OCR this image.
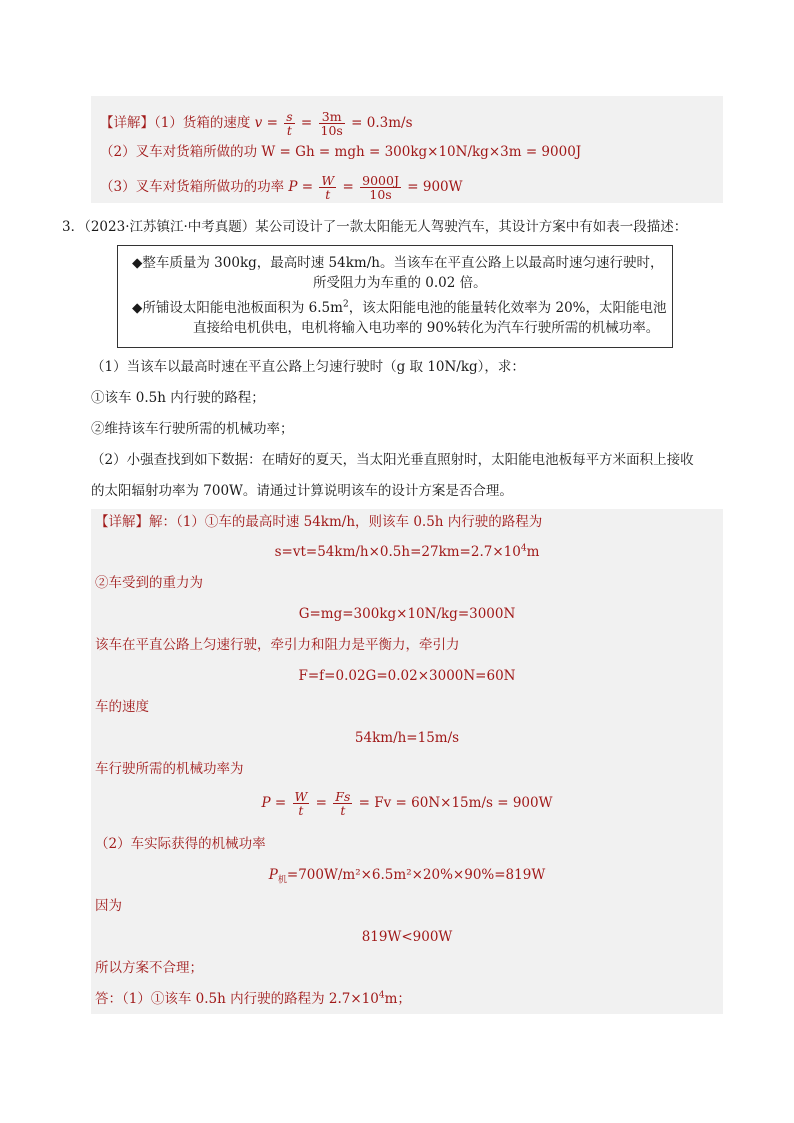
【详解】（1）货箱的速度 $v = \frac{s}{t} = \frac{3m}{10s} = 0.3m/s$
（2）叉车对货箱所做的功 W = Gh = mgh = 300kg×10N/kg×3m = 9000J
（3）叉车对货箱所做功的功率 $P = \frac{W}{t} = \frac{9000J}{10s} = 900W$
3．（2023·江苏镇江·中考真题）某公司设计了一款太阳能无人驾驶汽车，其设计方案中有如表一段描述：
◆整车质量为 300kg，最高时速 54km/h。当该车在平直公路上以最高时速匀速行驶时，
所受阻力为车重的 0.02 倍。
◆所铺设太阳能电池板面积为 $6.5m^2$，该太阳能电池的能量转化效率为 20%，太阳能电池
直接给电机供电，电机将输入电功率的 90%转化为汽车行驶所需的机械功率。
（1）当该车以最高时速在平直公路上匀速行驶时（g 取 10N/kg），求：
①该车 0.5h 内行驶的路程；
②维持该车行驶所需的机械功率；
（2）小强查找到如下数据：在晴好的夏天，当太阳光垂直照射时，太阳能电池板每平方米面积上接收
的太阳辐射功率为 700W。请通过计算说明该车的设计方案是否合理。
【详解】解：（1）①车的最高时速 54km/h，则该车 0.5h 内行驶的路程为
$s=vt=54km/h\times 0.5h=27km=2.7\times 10^4m$
②车受到的重力为
G=mg=300kg×10N/kg=3000N
该车在平直公路上匀速行驶，牵引力和阻力是平衡力，牵引力
F=f=0.02G=0.02×3000N=60N
车的速度
54km/h=15m/s
车行驶所需的机械功率为
$P = \frac{W}{t} = \frac{Fs}{t} = Fv = 60N\times 15m/s = 900W$
（2）车实际获得的机械功率
$P_机=700W/m^2\times 6.5m^2\times 20\%\times 90\%=819W$
因为
819W<900W
所以方案不合理；
答：（1）①该车 0.5h 内行驶的路程为 $2.7\times 10^4m$；
